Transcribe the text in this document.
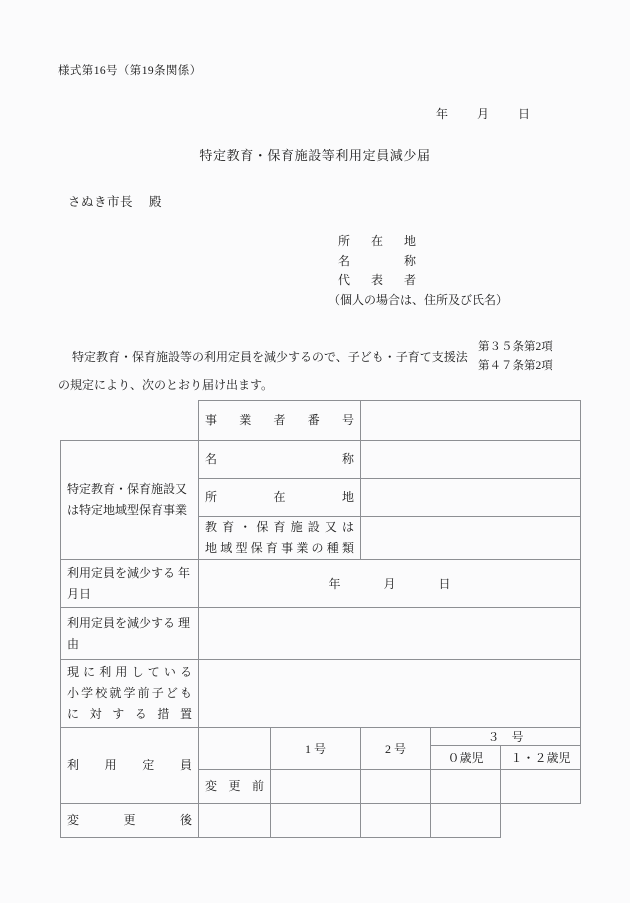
様式第16号（第19条関係）
年 月 日
特定教育・保育施設等利用定員減少届
さぬき市長 殿
所在地
名称
代表者
（個人の場合は、住所及び氏名）
特定教育・保育施設等の利用定員を減少するので、子ども・子育て支援法
第３５条第2項
第４７条第2項
の規定により、次のとおり届け出ます。

	事業者番号				

特定教育・保育施設又は特定地域型保育事業	名称				

	所在地				

	教育・保育施設又は
地域型保育事業の種類				

利用定員を減少する 年月日	年 月 日				
利用定員を減少する 理由					

現に利用している
小学校就学前子ども
に対する措置					

利用定員		1 号	2 号	３　号	
				０歳児	１・２歳児

	変更前				

変更後					
